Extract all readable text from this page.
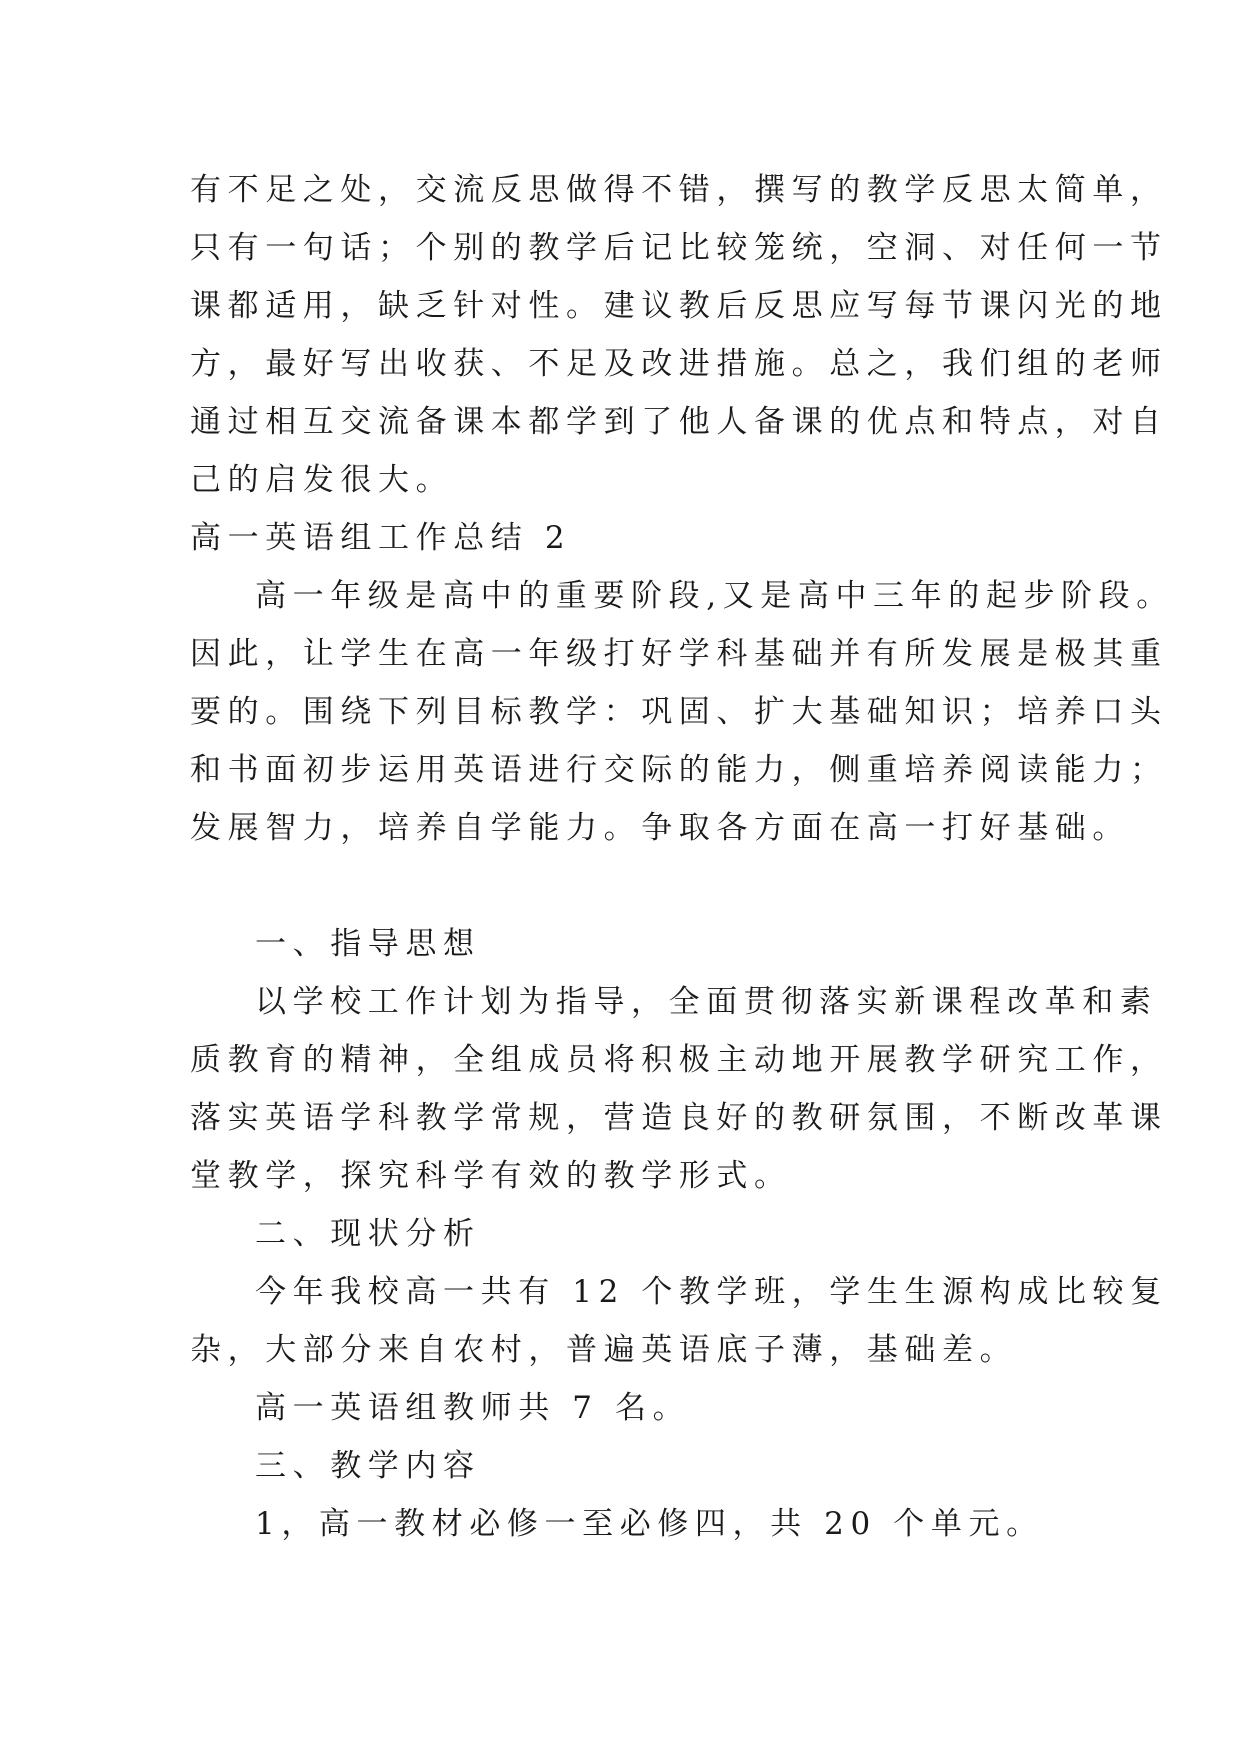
有不足之处，交流反思做得不错，撰写的教学反思太简单，
只有一句话；个别的教学后记比较笼统，空洞、对任何一节
课都适用，缺乏针对性。建议教后反思应写每节课闪光的地
方，最好写出收获、不足及改进措施。总之，我们组的老师
通过相互交流备课本都学到了他人备课的优点和特点，对自
己的启发很大。
高一英语组工作总结 2
高一年级是高中的重要阶段,又是高中三年的起步阶段。
因此，让学生在高一年级打好学科基础并有所发展是极其重
要的。围绕下列目标教学：巩固、扩大基础知识；培养口头
和书面初步运用英语进行交际的能力，侧重培养阅读能力；
发展智力，培养自学能力。争取各方面在高一打好基础。
一、指导思想
以学校工作计划为指导，全面贯彻落实新课程改革和素
质教育的精神，全组成员将积极主动地开展教学研究工作，
落实英语学科教学常规，营造良好的教研氛围，不断改革课
堂教学，探究科学有效的教学形式。
二、现状分析
今年我校高一共有 12 个教学班，学生生源构成比较复
杂，大部分来自农村，普遍英语底子薄，基础差。
高一英语组教师共 7 名。
三、教学内容
1，高一教材必修一至必修四，共 20 个单元。
